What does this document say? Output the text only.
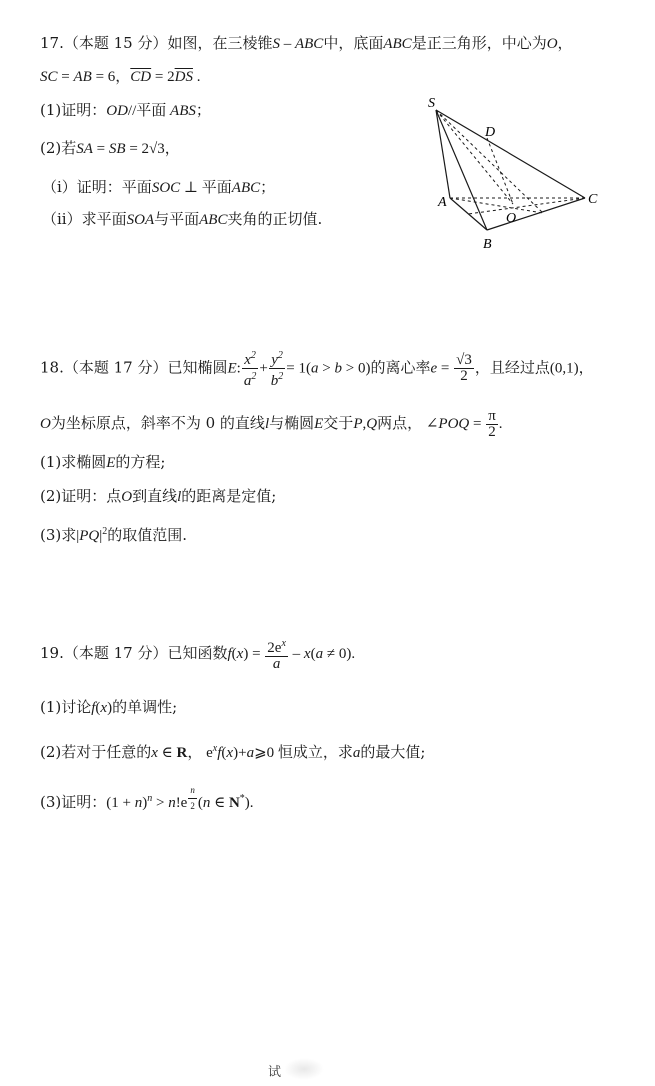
17.（本题 15 分）如图，在三棱锥S – ABC中，底面ABC是正三角形，中心为O，
SC = AB = 6，$\overline{CD} = 2\overline{DS}$ .
(1)证明：OD//平面 ABS；
(2)若SA = SB = 2√3，
（i）证明：平面SOC ⊥ 平面ABC；
（ii）求平面SOA与平面ABC夹角的正切值.
S
D
A
O
C
B
18.（本题 17 分）已知椭圆E: $\frac{x^2}{a^2} + \frac{y^2}{b^2} = 1(a > b > 0)$的离心率$e = \frac{√3}{2}$ ，且经过点(0,1)，
O为坐标原点，斜率不为 0 的直线l与椭圆E交于P,Q两点， ∠POQ = $\frac{\pi}{2}$ .
(1)求椭圆E的方程;
(2)证明：点O到直线l的距离是定值;
(3)求$|PQ|^2$的取值范围.
19.（本题 17 分）已知函数$f(x) = \frac{2e^x}{a} - x(a \ne 0)$.
(1)讨论f(x)的单调性;
(2)若对于任意的x ∈ R， $e^xf(x)+a⩾0$ 恒成立，求a的最大值;
(3)证明：$(1 + n)^n > n!e$ $^{\frac{n}{2}}$ (n ∈ N*).
试
